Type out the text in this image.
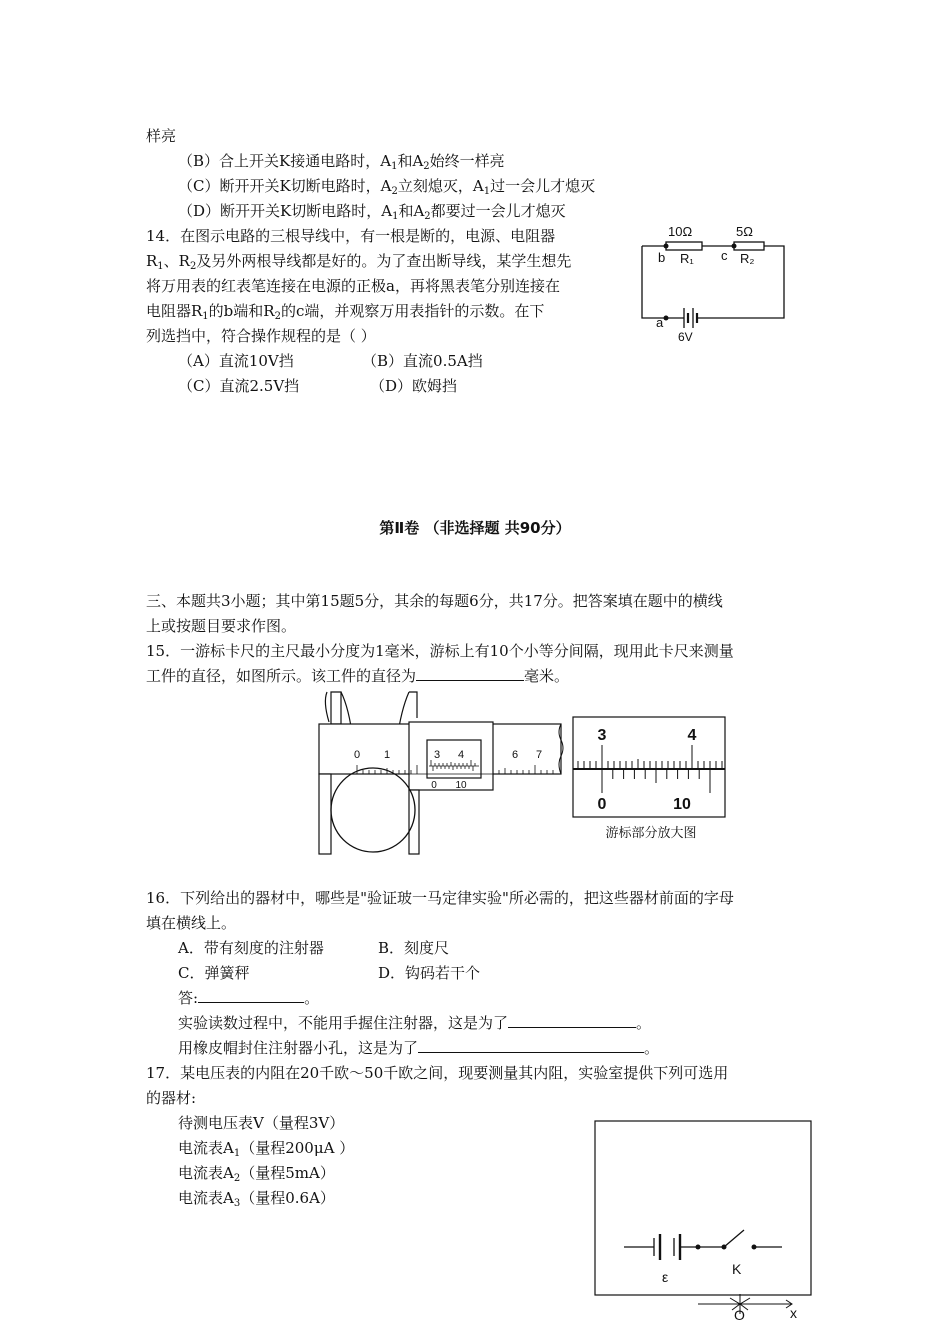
样亮
（B）合上开关K接通电路时，$A_1$和$A_2$始终一样亮
（C）断开开关K切断电路时，$A_2$立刻熄灭，$A_1$过一会儿才熄灭
（D）断开开关K切断电路时，$A_1$和$A_2$都要过一会儿才熄灭
14．在图示电路的三根导线中，有一根是断的，电源、电阻器
$R_1$、$R_2$及另外两根导线都是好的。为了查出断导线，某学生想先
将万用表的红表笔连接在电源的正极a，再将黑表笔分别连接在
电阻器$R_1$的b端和$R_2$的c端，并观察万用表指针的示数。在下
列选挡中，符合操作规程的是（ ）
（A）直流10V挡	（B）直流0.5A挡
（C）直流2.5V挡	（D）欧姆挡
10Ω	5Ω
b R₁ c R₂
a
6V
第Ⅱ卷 （非选择题 共90分）
三、本题共3小题；其中第15题5分，其余的每题6分，共17分。把答案填在题中的横线
上或按题目要求作图。
15．一游标卡尺的主尺最小分度为1毫米，游标上有10个小等分间隔，现用此卡尺来测量
工件的直径，如图所示。该工件的直径为	毫米。
0 1	3 4	6 7
0 10
3	4
0	10
游标部分放大图
16．下列给出的器材中，哪些是"验证玻一马定律实验"所必需的，把这些器材前面的字母
填在横线上。
A．带有刻度的注射器	B．刻度尺
C．弹簧秤	D．钩码若干个
答:	。
实验读数过程中，不能用手握住注射器，这是为了	。
用橡皮帽封住注射器小孔，这是为了	。
17．某电压表的内阻在20千欧～50千欧之间，现要测量其内阻，实验室提供下列可选用
的器材:
待测电压表V（量程3V）
电流表$A_1$（量程200μA ）
电流表$A_2$（量程5mA）
电流表$A_3$（量程0.6A）
ε	K
O	x
